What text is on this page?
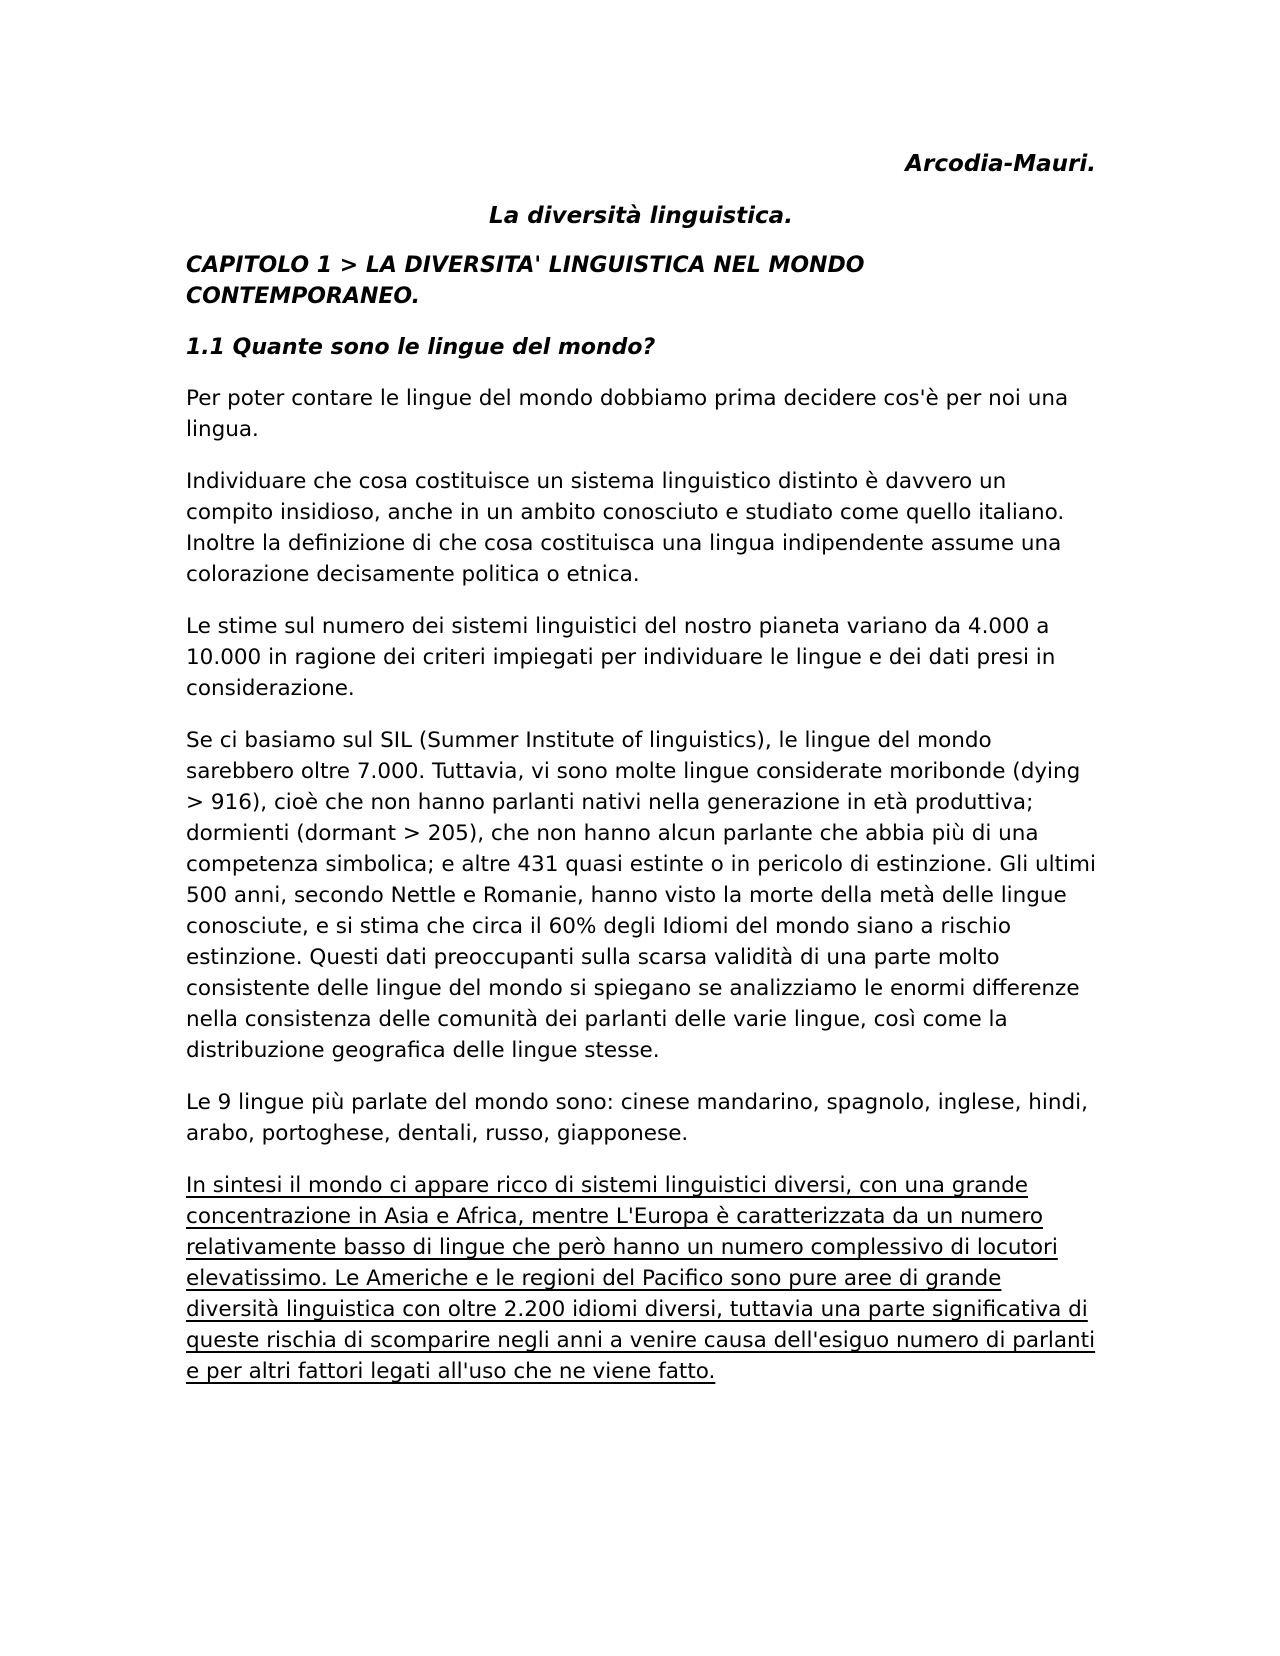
Arcodia-Mauri.
La diversità linguistica.
CAPITOLO 1 > LA DIVERSITA' LINGUISTICA NEL MONDO CONTEMPORANEO.
1.1 Quante sono le lingue del mondo?

Per poter contare le lingue del mondo dobbiamo prima decidere cos'è per noi una lingua.

Individuare che cosa costituisce un sistema linguistico distinto è davvero un compito insidioso, anche in un ambito conosciuto e studiato come quello italiano. Inoltre la definizione di che cosa costituisca una lingua indipendente assume una colorazione decisamente politica o etnica.

Le stime sul numero dei sistemi linguistici del nostro pianeta variano da 4.000 a 10.000 in ragione dei criteri impiegati per individuare le lingue e dei dati presi in considerazione.

Se ci basiamo sul SIL (Summer Institute of linguistics), le lingue del mondo sarebbero oltre 7.000. Tuttavia, vi sono molte lingue considerate moribonde (dying > 916), cioè che non hanno parlanti nativi nella generazione in età produttiva; dormienti (dormant > 205), che non hanno alcun parlante che abbia più di una competenza simbolica; e altre 431 quasi estinte o in pericolo di estinzione. Gli ultimi 500 anni, secondo Nettle e Romanie, hanno visto la morte della metà delle lingue conosciute, e si stima che circa il 60% degli Idiomi del mondo siano a rischio estinzione. Questi dati preoccupanti sulla scarsa validità di una parte molto consistente delle lingue del mondo si spiegano se analizziamo le enormi differenze nella consistenza delle comunità dei parlanti delle varie lingue, così come la distribuzione geografica delle lingue stesse.

Le 9 lingue più parlate del mondo sono: cinese mandarino, spagnolo, inglese, hindi, arabo, portoghese, dentali, russo, giapponese.

In sintesi il mondo ci appare ricco di sistemi linguistici diversi, con una grande concentrazione in Asia e Africa, mentre L'Europa è caratterizzata da un numero relativamente basso di lingue che però hanno un numero complessivo di locutori elevatissimo. Le Americhe e le regioni del Pacifico sono pure aree di grande diversità linguistica con oltre 2.200 idiomi diversi, tuttavia una parte significativa di queste rischia di scomparire negli anni a venire causa dell'esiguo numero di parlanti e per altri fattori legati all'uso che ne viene fatto.
